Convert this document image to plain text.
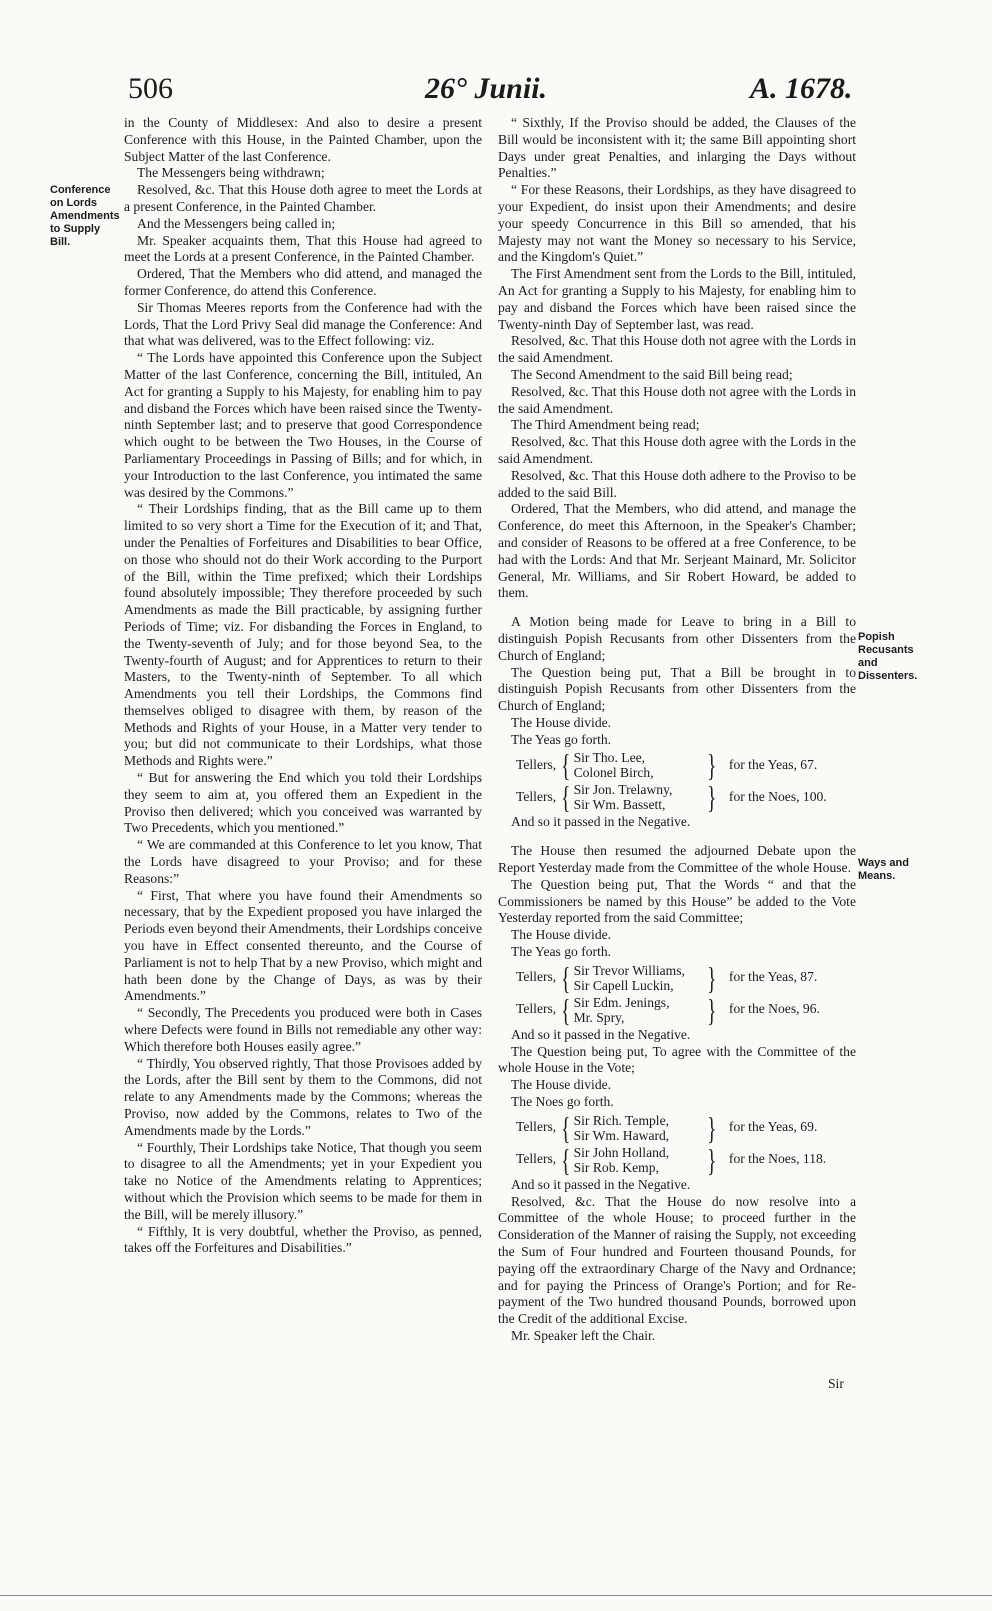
506	26° Junii.	A. 1678.
Conference on Lords Amendments to Supply Bill.
Popish Recusants and Dissenters.
Ways and Means.

in the County of Middlesex: And also to desire a present Conference with this House, in the Painted Chamber, upon the Subject Matter of the last Conference.

The Messengers being withdrawn;

Resolved, &c. That this House doth agree to meet the Lords at a present Conference, in the Painted Chamber.

And the Messengers being called in;

Mr. Speaker acquaints them, That this House had agreed to meet the Lords at a present Conference, in the Painted Chamber.

Ordered, That the Members who did attend, and managed the former Conference, do attend this Conference.

Sir Thomas Meeres reports from the Conference had with the Lords, That the Lord Privy Seal did manage the Conference: And that what was delivered, was to the Effect following: viz.

“ The Lords have appointed this Conference upon the Subject Matter of the last Conference, concerning the Bill, intituled, An Act for granting a Supply to his Majesty, for enabling him to pay and disband the Forces which have been raised since the Twenty-ninth September last; and to preserve that good Correspondence which ought to be between the Two Houses, in the Course of Parliamentary Proceedings in Passing of Bills; and for which, in your Introduction to the last Conference, you intimated the same was desired by the Commons.”

“ Their Lordships finding, that as the Bill came up to them limited to so very short a Time for the Execution of it; and That, under the Penalties of Forfeitures and Disabilities to bear Office, on those who should not do their Work according to the Purport of the Bill, within the Time prefixed; which their Lordships found absolutely impossible; They therefore proceeded by such Amendments as made the Bill practicable, by assigning further Periods of Time; viz. For disbanding the Forces in England, to the Twenty-seventh of July; and for those beyond Sea, to the Twenty-fourth of August; and for Apprentices to return to their Masters, to the Twenty-ninth of September. To all which Amendments you tell their Lordships, the Commons find themselves obliged to disagree with them, by reason of the Methods and Rights of your House, in a Matter very tender to you; but did not communicate to their Lordships, what those Methods and Rights were.”

“ But for answering the End which you told their Lordships they seem to aim at, you offered them an Expedient in the Proviso then delivered; which you conceived was warranted by Two Precedents, which you mentioned.”

“ We are commanded at this Conference to let you know, That the Lords have disagreed to your Proviso; and for these Reasons:”

“ First, That where you have found their Amendments so necessary, that by the Expedient proposed you have inlarged the Periods even beyond their Amendments, their Lordships conceive you have in Effect consented thereunto, and the Course of Parliament is not to help That by a new Proviso, which might and hath been done by the Change of Days, as was by their Amendments.”

“ Secondly, The Precedents you produced were both in Cases where Defects were found in Bills not remediable any other way: Which therefore both Houses easily agree.”

“ Thirdly, You observed rightly, That those Provisoes added by the Lords, after the Bill sent by them to the Commons, did not relate to any Amendments made by the Commons; whereas the Proviso, now added by the Commons, relates to Two of the Amendments made by the Lords.”

“ Fourthly, Their Lordships take Notice, That though you seem to disagree to all the Amendments; yet in your Expedient you take no Notice of the Amendments relating to Apprentices; without which the Provision which seems to be made for them in the Bill, will be merely illusory.”

“ Fifthly, It is very doubtful, whether the Proviso, as penned, takes off the Forfeitures and Disabilities.”

“ Sixthly, If the Proviso should be added, the Clauses of the Bill would be inconsistent with it; the same Bill appointing short Days under great Penalties, and inlarging the Days without Penalties.”

“ For these Reasons, their Lordships, as they have disagreed to your Expedient, do insist upon their Amendments; and desire your speedy Concurrence in this Bill so amended, that his Majesty may not want the Money so necessary to his Service, and the Kingdom's Quiet.”

The First Amendment sent from the Lords to the Bill, intituled, An Act for granting a Supply to his Majesty, for enabling him to pay and disband the Forces which have been raised since the Twenty-ninth Day of September last, was read.

Resolved, &c. That this House doth not agree with the Lords in the said Amendment.

The Second Amendment to the said Bill being read;

Resolved, &c. That this House doth not agree with the Lords in the said Amendment.

The Third Amendment being read;

Resolved, &c. That this House doth agree with the Lords in the said Amendment.

Resolved, &c. That this House doth adhere to the Proviso to be added to the said Bill.

Ordered, That the Members, who did attend, and manage the Conference, do meet this Afternoon, in the Speaker's Chamber; and consider of Reasons to be offered at a free Conference, to be had with the Lords: And that Mr. Serjeant Mainard, Mr. Solicitor General, Mr. Williams, and Sir Robert Howard, be added to them.

A Motion being made for Leave to bring in a Bill to distinguish Popish Recusants from other Dissenters from the Church of England;

The Question being put, That a Bill be brought in to distinguish Popish Recusants from other Dissenters from the Church of England;

The House divide.

The Yeas go forth.

Tellers, { Sir Tho. Lee,
Colonel Birch,	} for the Yeas, 67.
Tellers, { Sir Jon. Trelawny,
Sir Wm. Bassett,	} for the Noes, 100.

And so it passed in the Negative.

The House then resumed the adjourned Debate upon the Report Yesterday made from the Committee of the whole House.

The Question being put, That the Words “ and that the Commissioners be named by this House” be added to the Vote Yesterday reported from the said Committee;

The House divide.

The Yeas go forth.

Tellers, { Sir Trevor Williams,
Sir Capell Luckin,	} for the Yeas, 87.
Tellers, { Sir Edm. Jenings,
Mr. Spry,	} for the Noes, 96.

And so it passed in the Negative.

The Question being put, To agree with the Committee of the whole House in the Vote;

The House divide.

The Noes go forth.

Tellers, { Sir Rich. Temple,
Sir Wm. Haward,	} for the Yeas, 69.
Tellers, { Sir John Holland,
Sir Rob. Kemp,	} for the Noes, 118.

And so it passed in the Negative.

Resolved, &c. That the House do now resolve into a Committee of the whole House; to proceed further in the Consideration of the Manner of raising the Supply, not exceeding the Sum of Four hundred and Fourteen thousand Pounds, for paying off the extraordinary Charge of the Navy and Ordnance; and for paying the Princess of Orange's Portion; and for Re-payment of the Two hundred thousand Pounds, borrowed upon the Credit of the additional Excise.

Mr. Speaker left the Chair.

Sir
